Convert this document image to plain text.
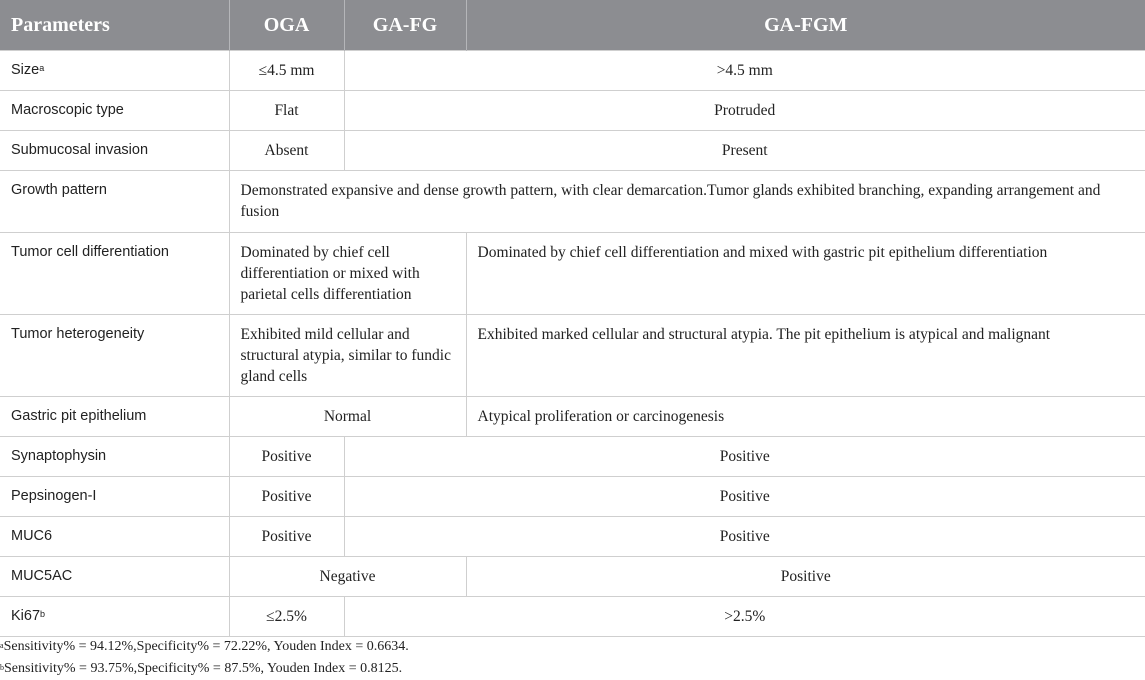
Parameters	OGA	GA-FG	GA-FGM
Size$^a$	≤4.5 mm	>4.5 mm	
Macroscopic type	Flat	Protruded	
Submucosal invasion	Absent	Present	
Growth pattern	Demonstrated expansive and dense growth pattern, with clear demarcation.Tumor glands exhibited branching, expanding arrangement and fusion		
Tumor cell differentiation	Dominated by chief cell differentiation or mixed with parietal cells differentiation		Dominated by chief cell differentiation and mixed with gastric pit epithelium differentiation
Tumor heterogeneity	Exhibited mild cellular and structural atypia, similar to fundic gland cells		Exhibited marked cellular and structural atypia. The pit epithelium is atypical and malignant
Gastric pit epithelium	Normal		Atypical proliferation or carcinogenesis
Synaptophysin	Positive	Positive	
Pepsinogen-I	Positive	Positive	
MUC6	Positive	Positive	
MUC5AC	Negative		Positive
$Ki67^b$	≤2.5%	>2.5%	
$^a$Sensitivity% = 94.12%,Specificity% = 72.22%, Youden Index = 0.6634.
$^b$Sensitivity% = 93.75%,Specificity% = 87.5%, Youden Index = 0.8125.
